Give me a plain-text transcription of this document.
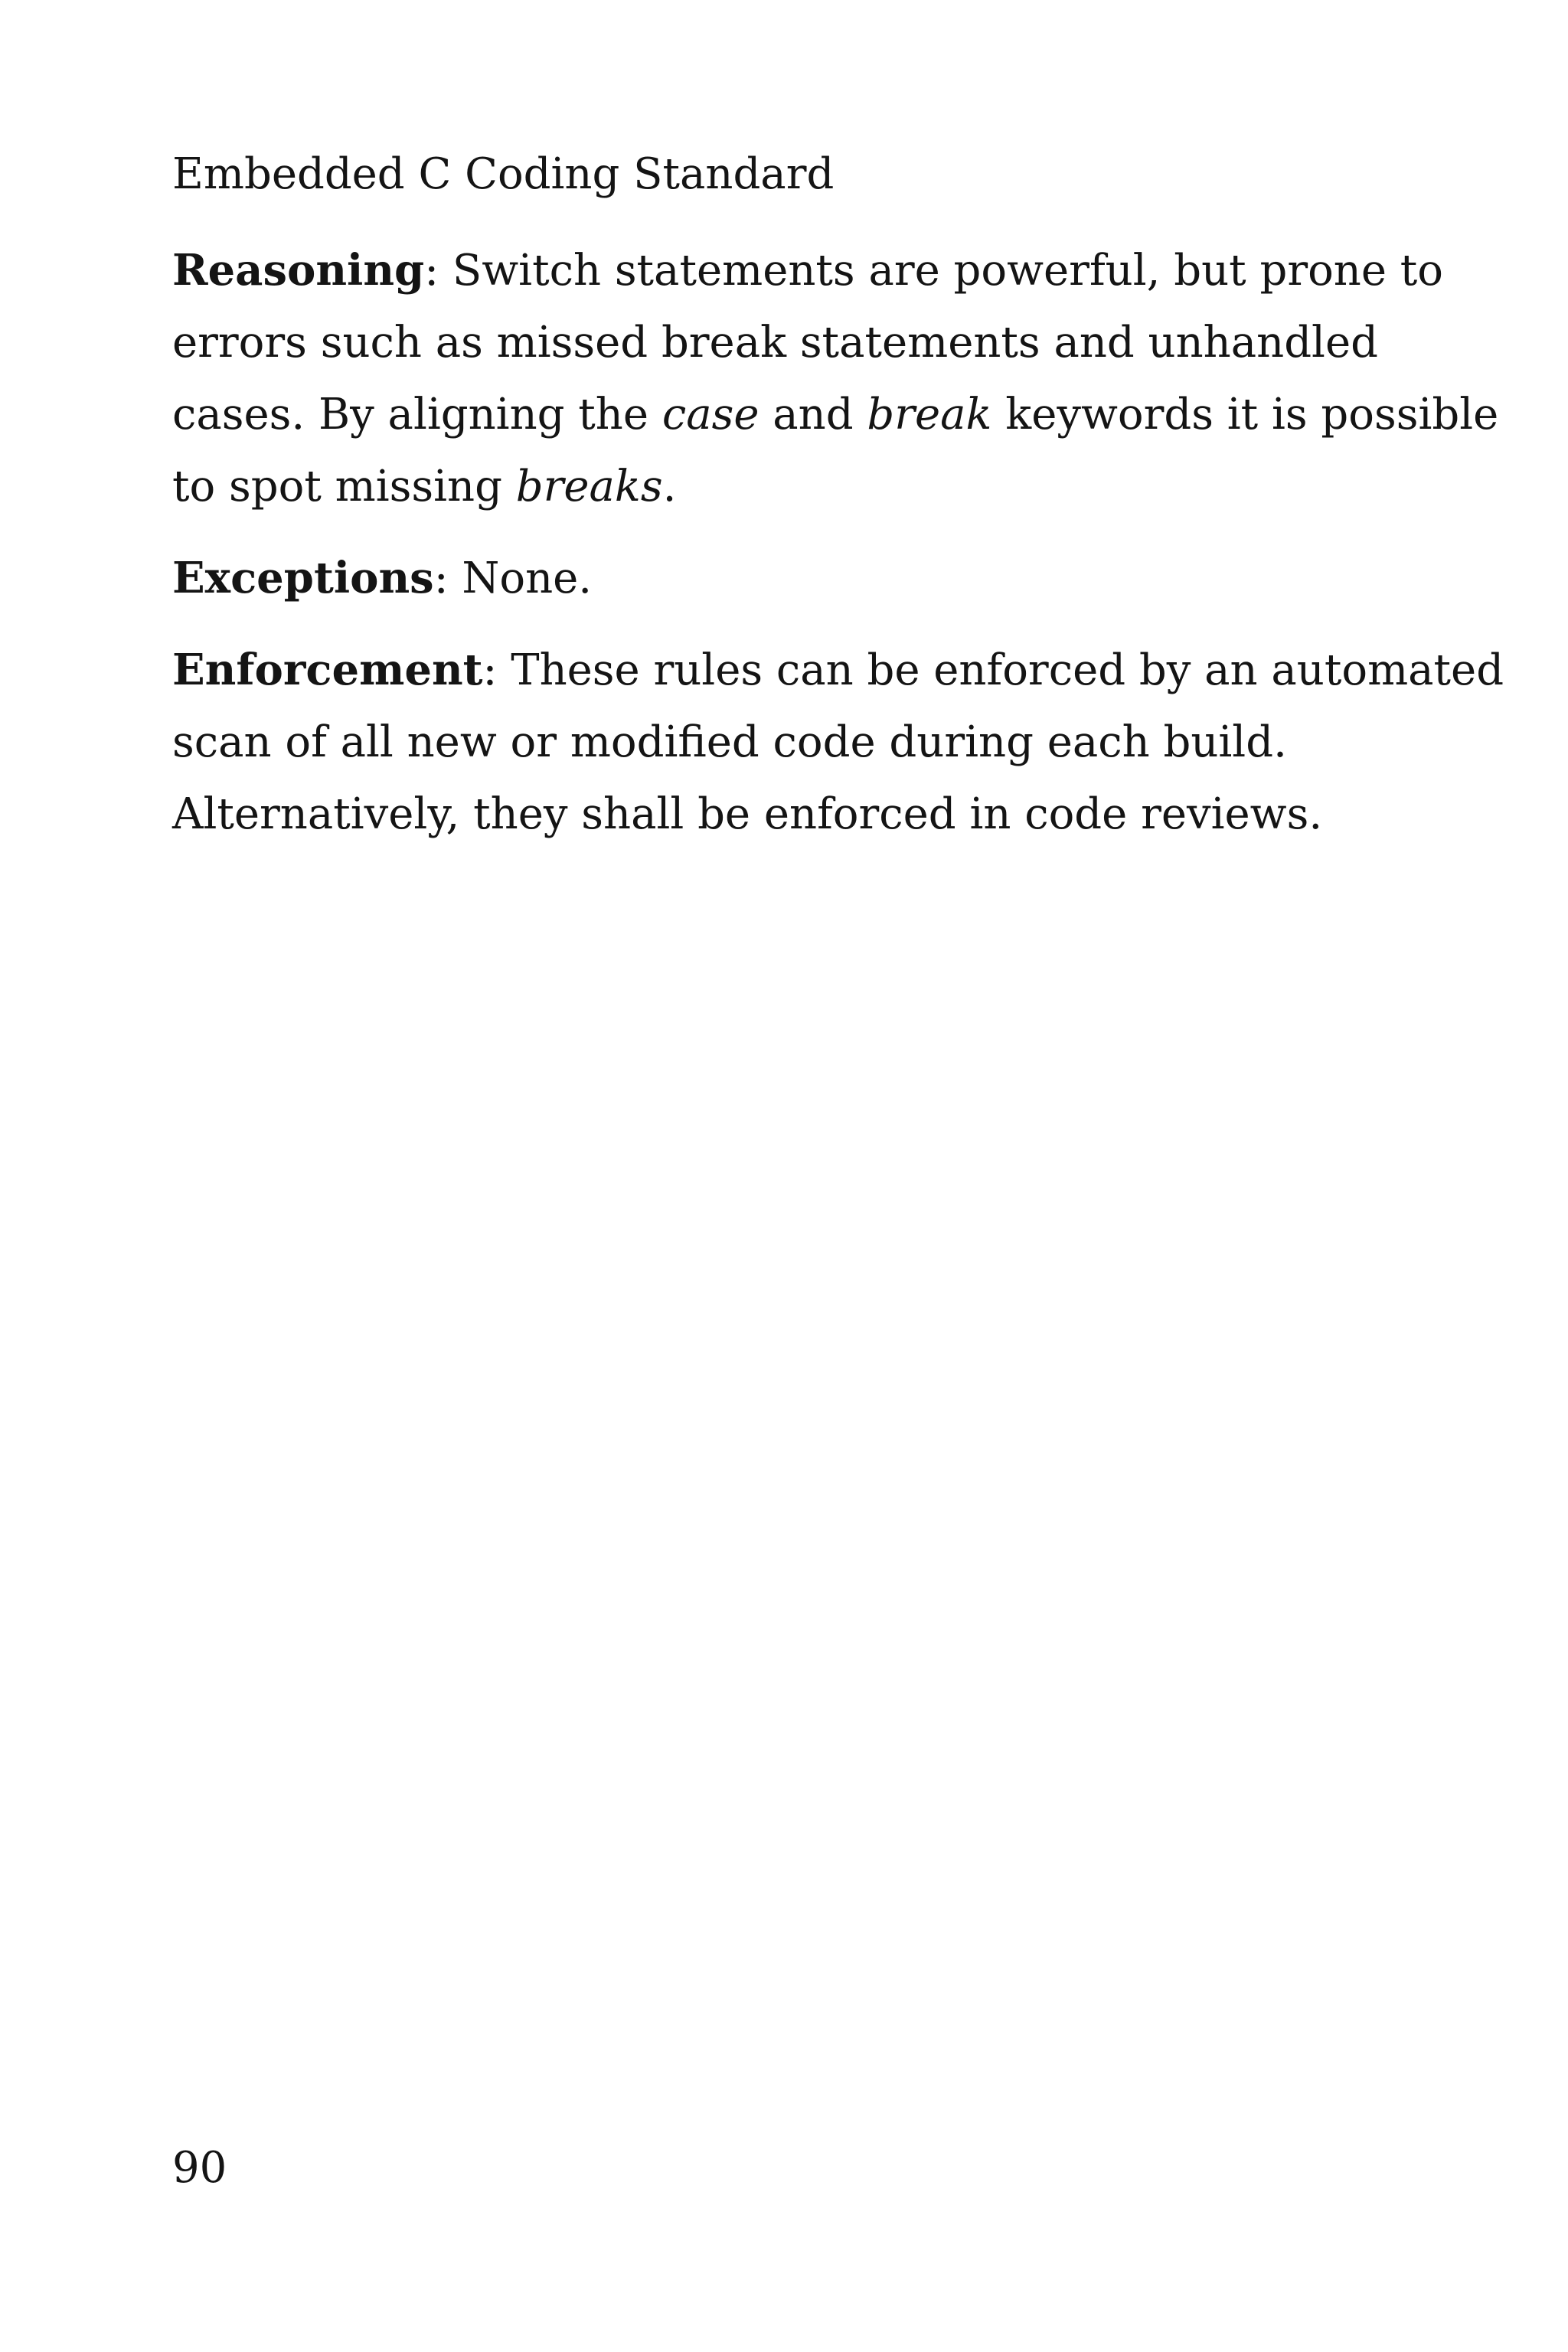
Embedded C Coding Standard
Reasoning: Switch statements are powerful, but prone to
errors such as missed break statements and unhandled
cases. By aligning the case and break keywords it is possible
to spot missing breaks.
Exceptions: None.
Enforcement: These rules can be enforced by an automated
scan of all new or modified code during each build.
Alternatively, they shall be enforced in code reviews.
90
